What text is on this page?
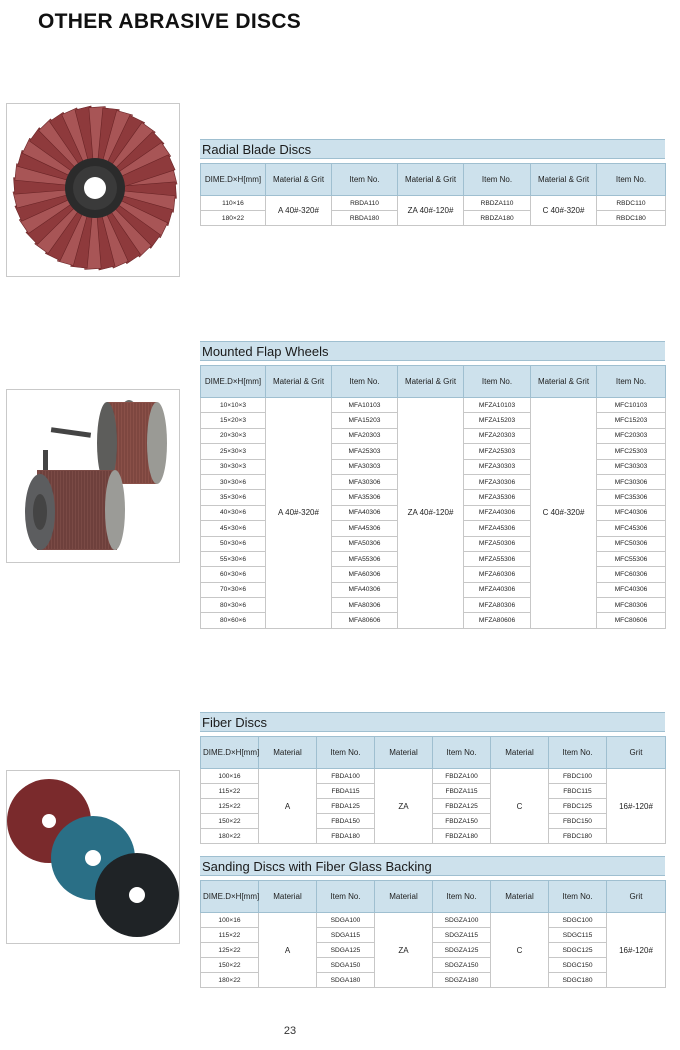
OTHER ABRASIVE DISCS
Radial Blade Discs
DIME.D×H[mm]	Material & Grit	Item No.	Material & Grit	Item No.	Material & Grit	Item No.
110×16	A 40#-320#	RBDA110	ZA 40#-120#	RBDZA110	C 40#-320#	RBDC110
180×22		RBDA180		RBDZA180		RBDC180
Mounted Flap Wheels
DIME.D×H[mm]	Material & Grit	Item No.	Material & Grit	Item No.	Material & Grit	Item No.
10×10×3	A 40#-320#	MFA10103	ZA 40#-120#	MFZA10103	C 40#-320#	MFC10103
15×20×3		MFA15203		MFZA15203		MFC15203
20×30×3		MFA20303		MFZA20303		MFC20303
25×30×3		MFA25303		MFZA25303		MFC25303
30×30×3		MFA30303		MFZA30303		MFC30303
30×30×6		MFA30306		MFZA30306		MFC30306
35×30×6		MFA35306		MFZA35306		MFC35306
40×30×6		MFA40306		MFZA40306		MFC40306
45×30×6		MFA45306		MFZA45306		MFC45306
50×30×6		MFA50306		MFZA50306		MFC50306
55×30×6		MFA55306		MFZA55306		MFC55306
60×30×6		MFA60306		MFZA60306		MFC60306
70×30×6		MFA40306		MFZA40306		MFC40306
80×30×6		MFA80306		MFZA80306		MFC80306
80×60×6		MFA80606		MFZA80606		MFC80606
Fiber Discs
DIME.D×H[mm]	Material	Item No.	Material	Item No.	Material	Item No.	Grit
100×16	A	FBDA100	ZA	FBDZA100	C	FBDC100	16#-120#
115×22		FBDA115		FBDZA115		FBDC115	
125×22		FBDA125		FBDZA125		FBDC125	
150×22		FBDA150		FBDZA150		FBDC150	
180×22		FBDA180		FBDZA180		FBDC180	
Sanding Discs with Fiber Glass Backing
DIME.D×H[mm]	Material	Item No.	Material	Item No.	Material	Item No.	Grit
100×16	A	SDGA100	ZA	SDGZA100	C	SDGC100	16#-120#
115×22		SDGA115		SDGZA115		SDGC115	
125×22		SDGA125		SDGZA125		SDGC125	
150×22		SDGA150		SDGZA150		SDGC150	
180×22		SDGA180		SDGZA180		SDGC180	
23
